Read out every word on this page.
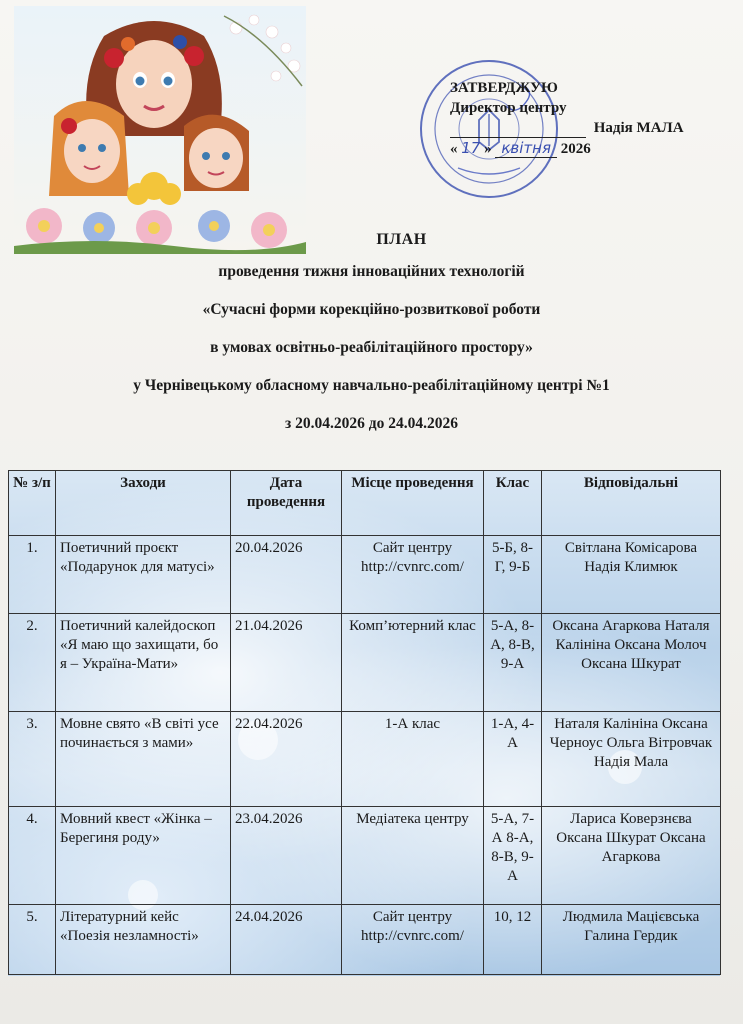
ЗАТВЕРДЖУЮ
Директор центру
Надія МАЛА
« 17 » квітня 2026
ПЛАН
проведення тижня інноваційних технологій
«Сучасні форми корекційно-розвиткової роботи
в умовах освітньо-реабілітаційного простору»
у Чернівецькому обласному навчально-реабілітаційному центрі №1
з 20.04.2026 до 24.04.2026
№ з/п	Заходи	Дата проведення	Місце проведення	Клас	Відповідальні
1.	Поетичний проєкт «Подарунок для матусі»	20.04.2026	Сайт центру http://cvnrc.com/	5-Б, 8-Г, 9-Б	Світлана Комісарова Надія Климюк
2.	Поетичний калейдоскоп «Я маю що захищати, бо я – Україна-Мати»	21.04.2026	Комп’ютерний клас	5-А, 8-А, 8-В, 9-А	Оксана Агаркова Наталя Калініна Оксана Молоч Оксана Шкурат
3.	Мовне свято «В світі усе починається з мами»	22.04.2026	1-А клас	1-А, 4-А	Наталя Калініна Оксана Черноус Ольга Вітровчак Надія Мала
4.	Мовний квест «Жінка – Берегиня роду»	23.04.2026	Медіатека центру	5-А, 7-А 8-А, 8-В, 9-А	Лариса Коверзнєва Оксана Шкурат Оксана Агаркова
5.	Літературний кейс «Поезія незламності»	24.04.2026	Сайт центру http://cvnrc.com/	10, 12	Людмила Мацієвська Галина Гердик
